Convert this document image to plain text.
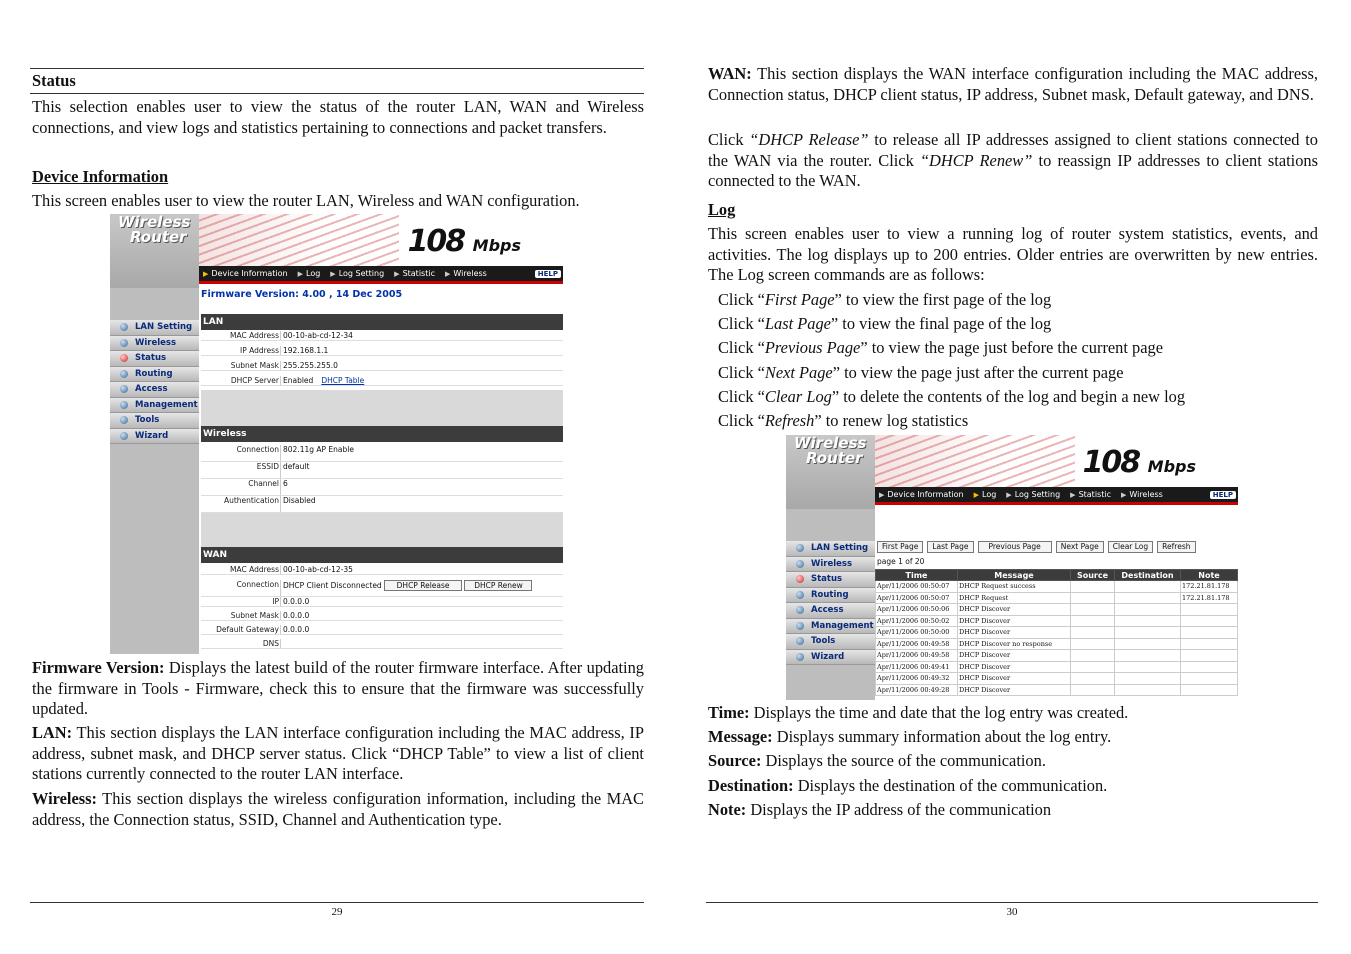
Status
This selection enables user to view the status of the router LAN, WAN and Wireless connections, and view logs and statistics pertaining to connections and packet transfers.
Device Information
This screen enables user to view the router LAN, Wireless and WAN configuration.
Wireless
Router
LAN Setting
Wireless
Status
Routing
Access
Management
Tools
Wizard
108 Mbps
▶ Device Information	▶ Log	▶ Log Setting	▶ Statistic	▶ Wireless	HELP
Firmware Version: 4.00 , 14 Dec 2005
LAN
MAC Address 00-10-ab-cd-12-34
IP Address 192.168.1.1
Subnet Mask 255.255.255.0
DHCP Server Enabled DHCP Table
Wireless
Connection 802.11g AP Enable
ESSID default
Channel 6
Authentication Disabled
WAN
MAC Address 00-10-ab-cd-12-35
Connection DHCP Client Disconnected DHCP Release	DHCP Renew
IP 0.0.0.0
Subnet Mask 0.0.0.0
Default Gateway 0.0.0.0
DNS
Firmware Version: Displays the latest build of the router firmware interface. After updating the firmware in Tools - Firmware, check this to ensure that the firmware was successfully updated.
LAN: This section displays the LAN interface configuration including the MAC address, IP address, subnet mask, and DHCP server status. Click “DHCP Table” to view a list of client stations currently connected to the router LAN interface.
Wireless: This section displays the wireless configuration information, including the MAC address, the Connection status, SSID, Channel and Authentication type.
29
WAN: This section displays the WAN interface configuration including the MAC address, Connection status, DHCP client status, IP address, Subnet mask, Default gateway, and DNS.
Click “DHCP Release” to release all IP addresses assigned to client stations connected to the WAN via the router. Click “DHCP Renew” to reassign IP addresses to client stations connected to the WAN.
Log
This screen enables user to view a running log of router system statistics, events, and activities. The log displays up to 200 entries. Older entries are overwritten by new entries. The Log screen commands are as follows:
Click “First Page” to view the first page of the log
Click “Last Page” to view the final page of the log
Click “Previous Page” to view the page just before the current page
Click “Next Page” to view the page just after the current page
Click “Clear Log” to delete the contents of the log and begin a new log
Click “Refresh” to renew log statistics
Wireless
Router
LAN Setting
Wireless
Status
Routing
Access
Management
Tools
Wizard
108 Mbps
▶ Device Information	▶ Log	▶ Log Setting	▶ Statistic	▶ Wireless	HELP
First Page	Last Page	Previous Page	Next Page	Clear Log	Refresh
page 1 of 20
Time	Message	Source	Destination	Note
Apr/11/2006 00:50:07	DHCP Request success			172.21.81.178
Apr/11/2006 00:50:07	DHCP Request			172.21.81.178
Apr/11/2006 00:50:06	DHCP Discover			
Apr/11/2006 00:50:02	DHCP Discover			
Apr/11/2006 00:50:00	DHCP Discover			
Apr/11/2006 00:49:58	DHCP Discover no response			
Apr/11/2006 00:49:58	DHCP Discover			
Apr/11/2006 00:49:41	DHCP Discover			
Apr/11/2006 00:49:32	DHCP Discover			
Apr/11/2006 00:49:28	DHCP Discover			
Time: Displays the time and date that the log entry was created.
Message: Displays summary information about the log entry.
Source: Displays the source of the communication.
Destination: Displays the destination of the communication.
Note: Displays the IP address of the communication
30
